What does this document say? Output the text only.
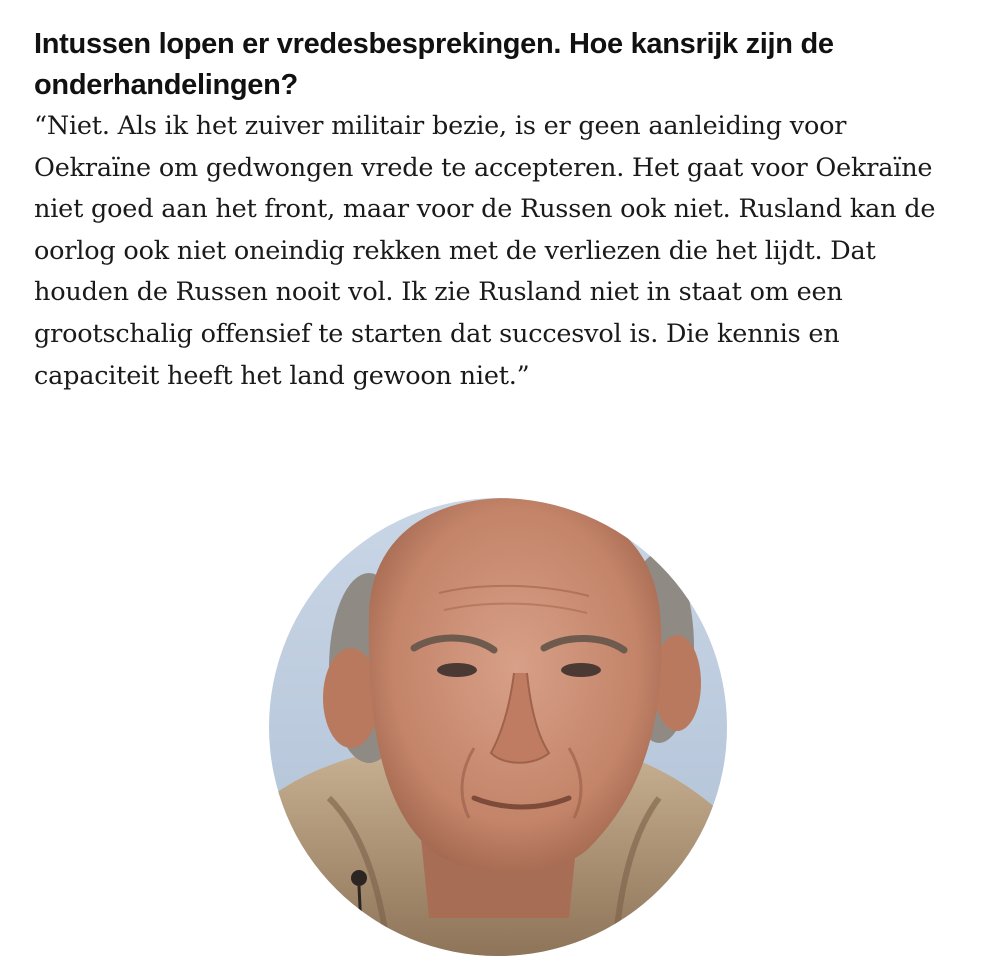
Intussen lopen er vredesbesprekingen. Hoe kansrijk zijn de onderhandelingen?

“Niet. Als ik het zuiver militair bezie, is er geen aanleiding voor Oekraïne om gedwongen vrede te accepteren. Het gaat voor Oekraïne niet goed aan het front, maar voor de Russen ook niet. Rusland kan de oorlog ook niet oneindig rekken met de verliezen die het lijdt. Dat houden de Russen nooit vol. Ik zie Rusland niet in staat om een grootschalig offensief te starten dat succesvol is. Die kennis en capaciteit heeft het land gewoon niet.”
